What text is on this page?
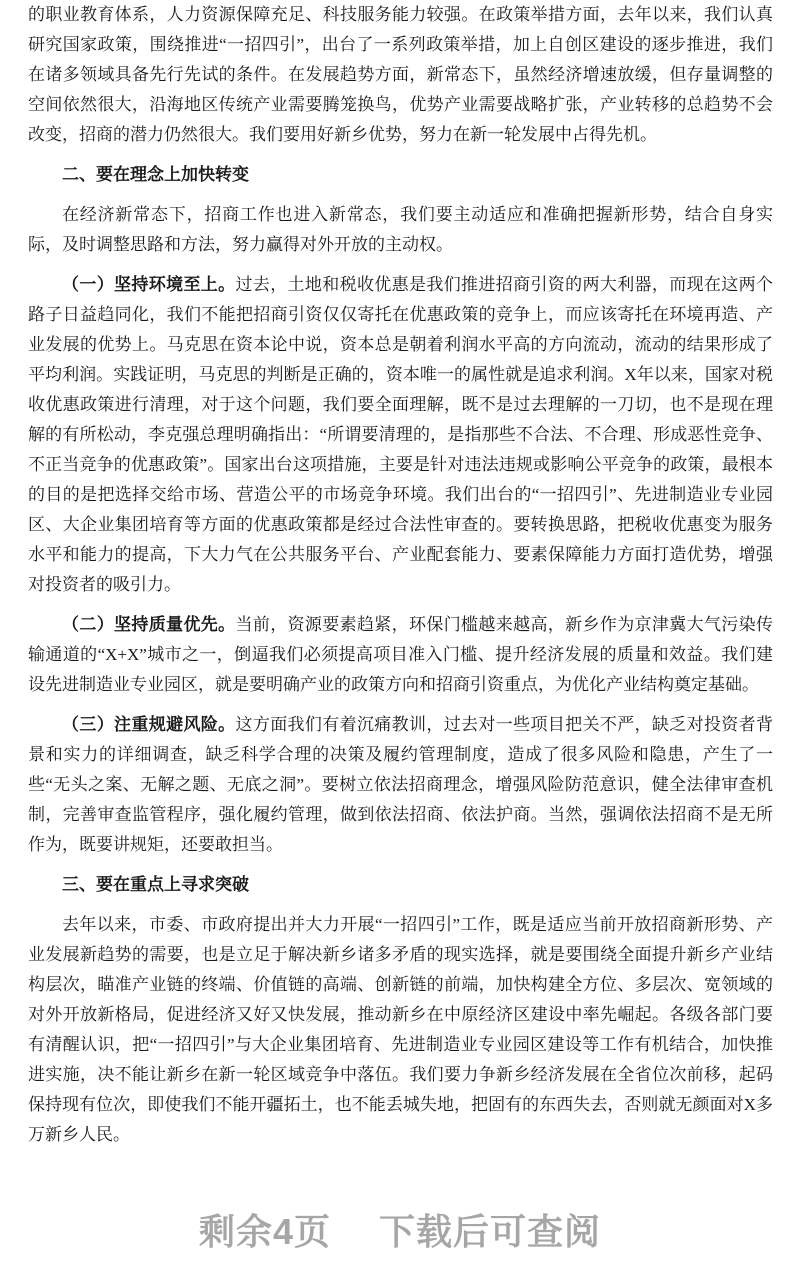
的职业教育体系，人力资源保障充足、科技服务能力较强。在政策举措方面，去年以来，我们认真研究国家政策，围绕推进“一招四引”，出台了一系列政策举措，加上自创区建设的逐步推进，我们在诸多领域具备先行先试的条件。在发展趋势方面，新常态下，虽然经济增速放缓，但存量调整的空间依然很大，沿海地区传统产业需要腾笼换鸟，优势产业需要战略扩张，产业转移的总趋势不会改变，招商的潜力仍然很大。我们要用好新乡优势，努力在新一轮发展中占得先机。

二、要在理念上加快转变

在经济新常态下，招商工作也进入新常态，我们要主动适应和准确把握新形势，结合自身实际，及时调整思路和方法，努力赢得对外开放的主动权。

（一）坚持环境至上。过去，土地和税收优惠是我们推进招商引资的两大利器，而现在这两个路子日益趋同化，我们不能把招商引资仅仅寄托在优惠政策的竞争上，而应该寄托在环境再造、产业发展的优势上。马克思在资本论中说，资本总是朝着利润水平高的方向流动，流动的结果形成了平均利润。实践证明，马克思的判断是正确的，资本唯一的属性就是追求利润。X年以来，国家对税收优惠政策进行清理，对于这个问题，我们要全面理解，既不是过去理解的一刀切，也不是现在理解的有所松动，李克强总理明确指出：“所谓要清理的，是指那些不合法、不合理、形成恶性竞争、不正当竞争的优惠政策”。国家出台这项措施，主要是针对违法违规或影响公平竞争的政策，最根本的目的是把选择交给市场、营造公平的市场竞争环境。我们出台的“一招四引”、先进制造业专业园区、大企业集团培育等方面的优惠政策都是经过合法性审查的。要转换思路，把税收优惠变为服务水平和能力的提高，下大力气在公共服务平台、产业配套能力、要素保障能力方面打造优势，增强对投资者的吸引力。

（二）坚持质量优先。当前，资源要素趋紧，环保门槛越来越高，新乡作为京津冀大气污染传输通道的“X+X”城市之一，倒逼我们必须提高项目准入门槛、提升经济发展的质量和效益。我们建设先进制造业专业园区，就是要明确产业的政策方向和招商引资重点，为优化产业结构奠定基础。

（三）注重规避风险。这方面我们有着沉痛教训，过去对一些项目把关不严，缺乏对投资者背景和实力的详细调查，缺乏科学合理的决策及履约管理制度，造成了很多风险和隐患，产生了一些“无头之案、无解之题、无底之洞”。要树立依法招商理念，增强风险防范意识，健全法律审查机制，完善审查监管程序，强化履约管理，做到依法招商、依法护商。当然，强调依法招商不是无所作为，既要讲规矩，还要敢担当。

三、要在重点上寻求突破

去年以来，市委、市政府提出并大力开展“一招四引”工作，既是适应当前开放招商新形势、产业发展新趋势的需要，也是立足于解决新乡诸多矛盾的现实选择，就是要围绕全面提升新乡产业结构层次，瞄准产业链的终端、价值链的高端、创新链的前端，加快构建全方位、多层次、宽领域的对外开放新格局，促进经济又好又快发展，推动新乡在中原经济区建设中率先崛起。各级各部门要有清醒认识，把“一招四引”与大企业集团培育、先进制造业专业园区建设等工作有机结合，加快推进实施，决不能让新乡在新一轮区域竞争中落伍。我们要力争新乡经济发展在全省位次前移，起码保持现有位次，即使我们不能开疆拓土，也不能丢城失地，把固有的东西失去，否则就无颜面对X多万新乡人民。

剩余4页 下载后可查阅
